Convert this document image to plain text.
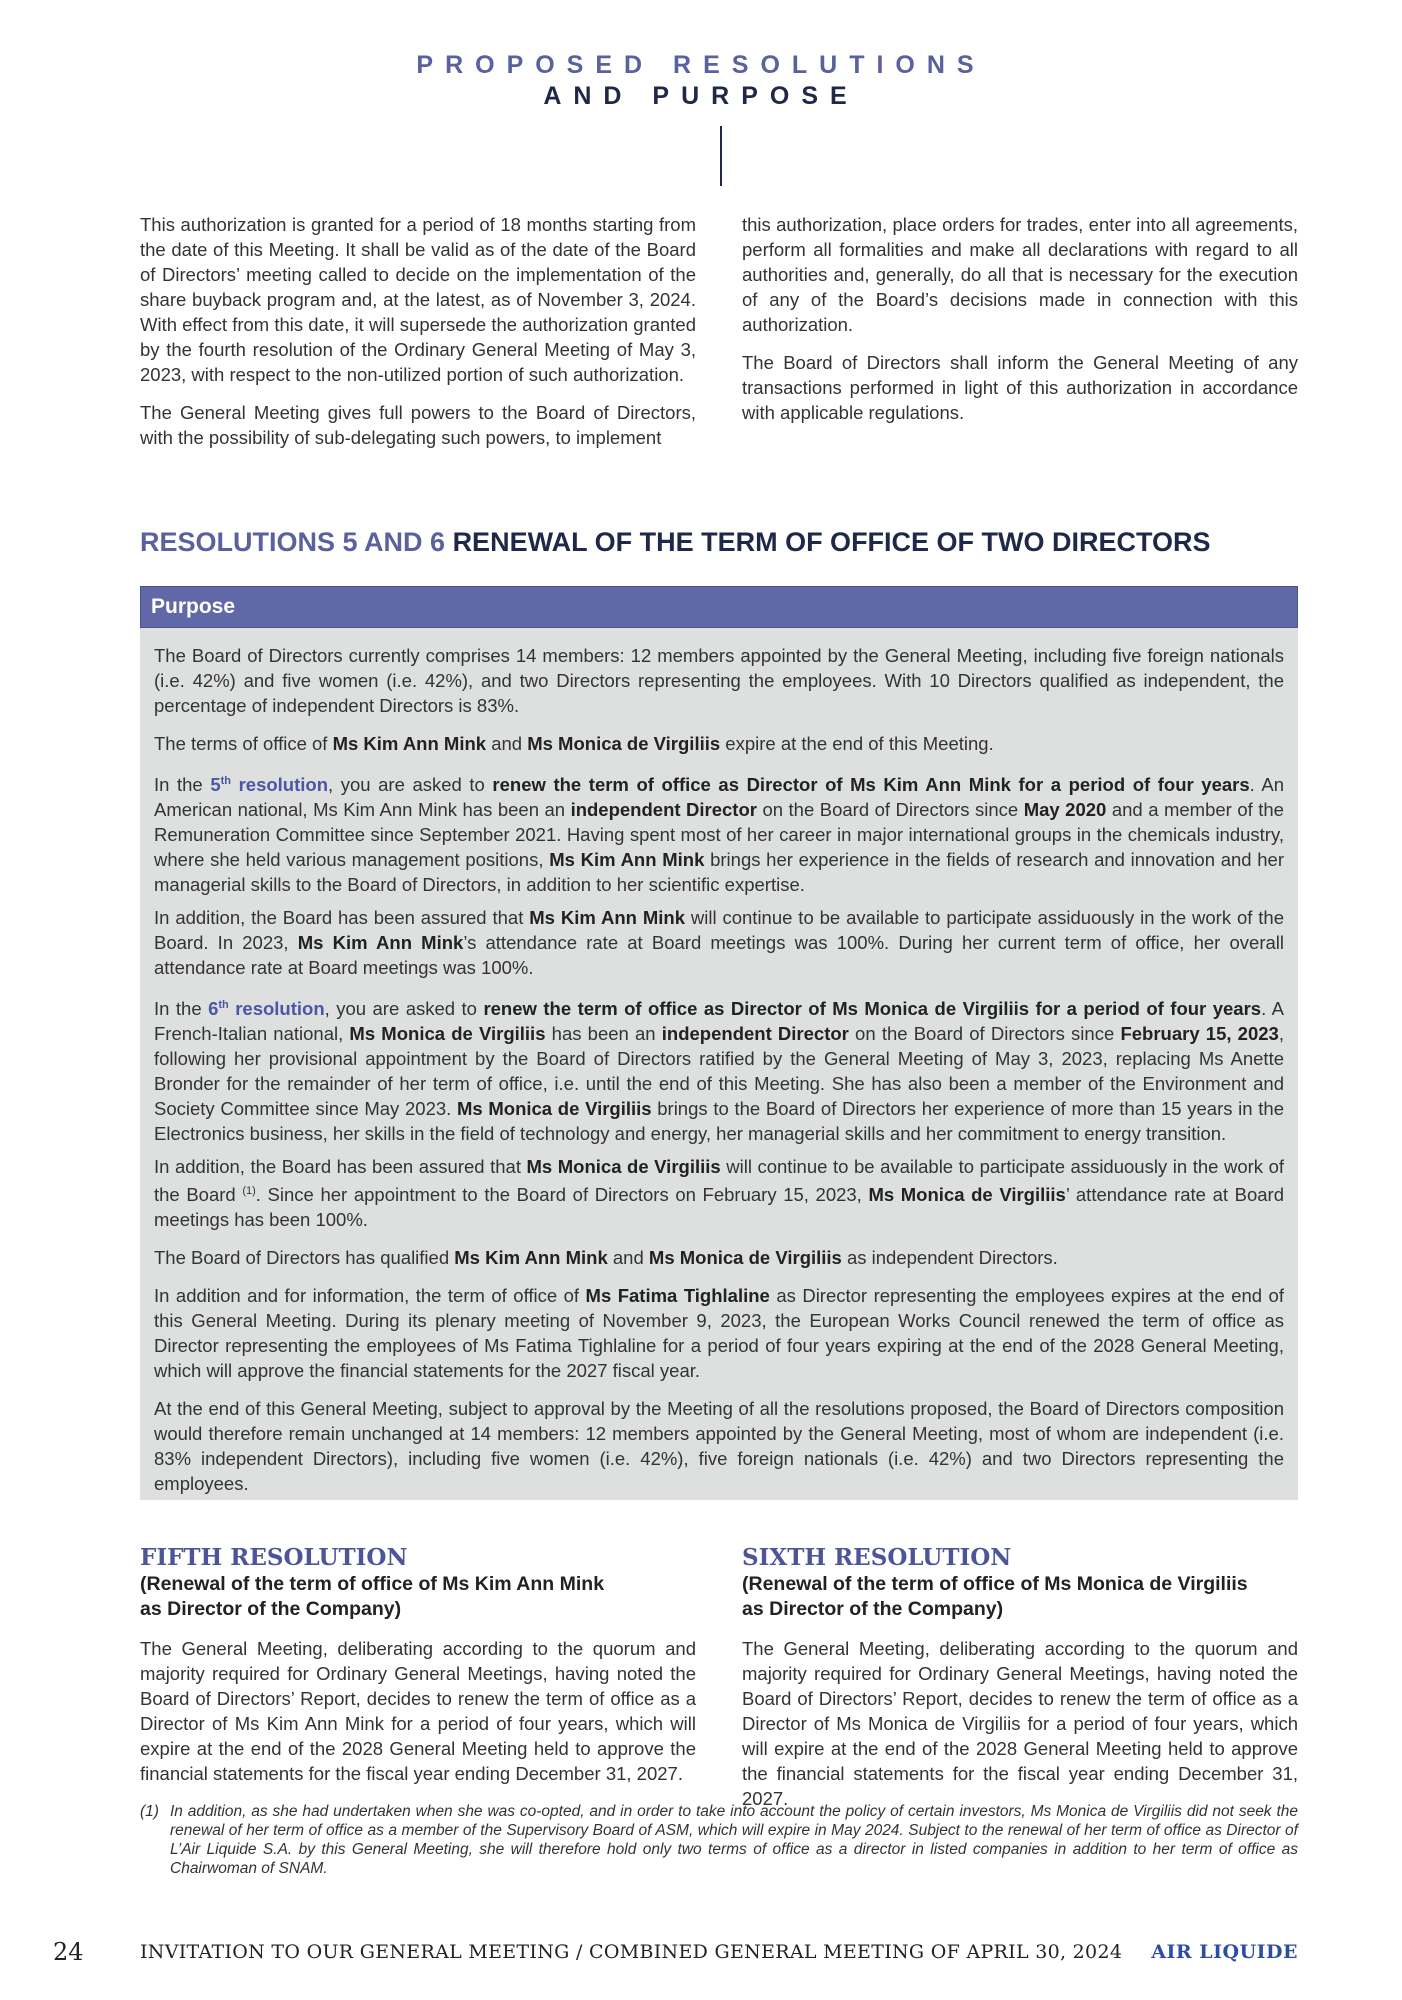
PROPOSED RESOLUTIONS
AND PURPOSE

This authorization is granted for a period of 18 months starting from the date of this Meeting. It shall be valid as of the date of the Board of Directors’ meeting called to decide on the implementation of the share buyback program and, at the latest, as of November 3, 2024. With effect from this date, it will supersede the authorization granted by the fourth resolution of the Ordinary General Meeting of May 3, 2023, with respect to the non-utilized portion of such authorization.

The General Meeting gives full powers to the Board of Directors, with the possibility of sub-delegating such powers, to implement

this authorization, place orders for trades, enter into all agreements, perform all formalities and make all declarations with regard to all authorities and, generally, do all that is necessary for the execution of any of the Board’s decisions made in connection with this authorization.

The Board of Directors shall inform the General Meeting of any transactions performed in light of this authorization in accordance with applicable regulations.

RESOLUTIONS 5 AND 6 RENEWAL OF THE TERM OF OFFICE OF TWO DIRECTORS
Purpose

The Board of Directors currently comprises 14 members: 12 members appointed by the General Meeting, including five foreign nationals (i.e. 42%) and five women (i.e. 42%), and two Directors representing the employees. With 10 Directors qualified as independent, the percentage of independent Directors is 83%.

The terms of office of Ms Kim Ann Mink and Ms Monica de Virgiliis expire at the end of this Meeting.

In the 5th resolution, you are asked to renew the term of office as Director of Ms Kim Ann Mink for a period of four years. An American national, Ms Kim Ann Mink has been an independent Director on the Board of Directors since May 2020 and a member of the Remuneration Committee since September 2021. Having spent most of her career in major international groups in the chemicals industry, where she held various management positions, Ms Kim Ann Mink brings her experience in the fields of research and innovation and her managerial skills to the Board of Directors, in addition to her scientific expertise.

In addition, the Board has been assured that Ms Kim Ann Mink will continue to be available to participate assiduously in the work of the Board. In 2023, Ms Kim Ann Mink’s attendance rate at Board meetings was 100%. During her current term of office, her overall attendance rate at Board meetings was 100%.

In the 6th resolution, you are asked to renew the term of office as Director of Ms Monica de Virgiliis for a period of four years. A French-Italian national, Ms Monica de Virgiliis has been an independent Director on the Board of Directors since February 15, 2023, following her provisional appointment by the Board of Directors ratified by the General Meeting of May 3, 2023, replacing Ms Anette Bronder for the remainder of her term of office, i.e. until the end of this Meeting. She has also been a member of the Environment and Society Committee since May 2023. Ms Monica de Virgiliis brings to the Board of Directors her experience of more than 15 years in the Electronics business, her skills in the field of technology and energy, her managerial skills and her commitment to energy transition.

In addition, the Board has been assured that Ms Monica de Virgiliis will continue to be available to participate assiduously in the work of the Board $^{(1)}$. Since her appointment to the Board of Directors on February 15, 2023, Ms Monica de Virgiliis’ attendance rate at Board meetings has been 100%.

The Board of Directors has qualified Ms Kim Ann Mink and Ms Monica de Virgiliis as independent Directors.

In addition and for information, the term of office of Ms Fatima Tighlaline as Director representing the employees expires at the end of this General Meeting. During its plenary meeting of November 9, 2023, the European Works Council renewed the term of office as Director representing the employees of Ms Fatima Tighlaline for a period of four years expiring at the end of the 2028 General Meeting, which will approve the financial statements for the 2027 fiscal year.

At the end of this General Meeting, subject to approval by the Meeting of all the resolutions proposed, the Board of Directors composition would therefore remain unchanged at 14 members: 12 members appointed by the General Meeting, most of whom are independent (i.e. 83% independent Directors), including five women (i.e. 42%), five foreign nationals (i.e. 42%) and two Directors representing the employees.

FIFTH RESOLUTION
(Renewal of the term of office of Ms Kim Ann Mink
as Director of the Company)
The General Meeting, deliberating according to the quorum and majority required for Ordinary General Meetings, having noted the Board of Directors’ Report, decides to renew the term of office as a Director of Ms Kim Ann Mink for a period of four years, which will expire at the end of the 2028 General Meeting held to approve the financial statements for the fiscal year ending December 31, 2027.
SIXTH RESOLUTION
(Renewal of the term of office of Ms Monica de Virgiliis
as Director of the Company)
The General Meeting, deliberating according to the quorum and majority required for Ordinary General Meetings, having noted the Board of Directors’ Report, decides to renew the term of office as a Director of Ms Monica de Virgiliis for a period of four years, which will expire at the end of the 2028 General Meeting held to approve the financial statements for the fiscal year ending December 31, 2027.
(1) In addition, as she had undertaken when she was co-opted, and in order to take into account the policy of certain investors, Ms Monica de Virgiliis did not seek the renewal of her term of office as a member of the Supervisory Board of ASM, which will expire in May 2024. Subject to the renewal of her term of office as Director of L’Air Liquide S.A. by this General Meeting, she will therefore hold only two terms of office as a director in listed companies in addition to her term of office as Chairwoman of SNAM.
24	INVITATION TO OUR GENERAL MEETING / COMBINED GENERAL MEETING OF APRIL 30, 2024 AIR LIQUIDE
